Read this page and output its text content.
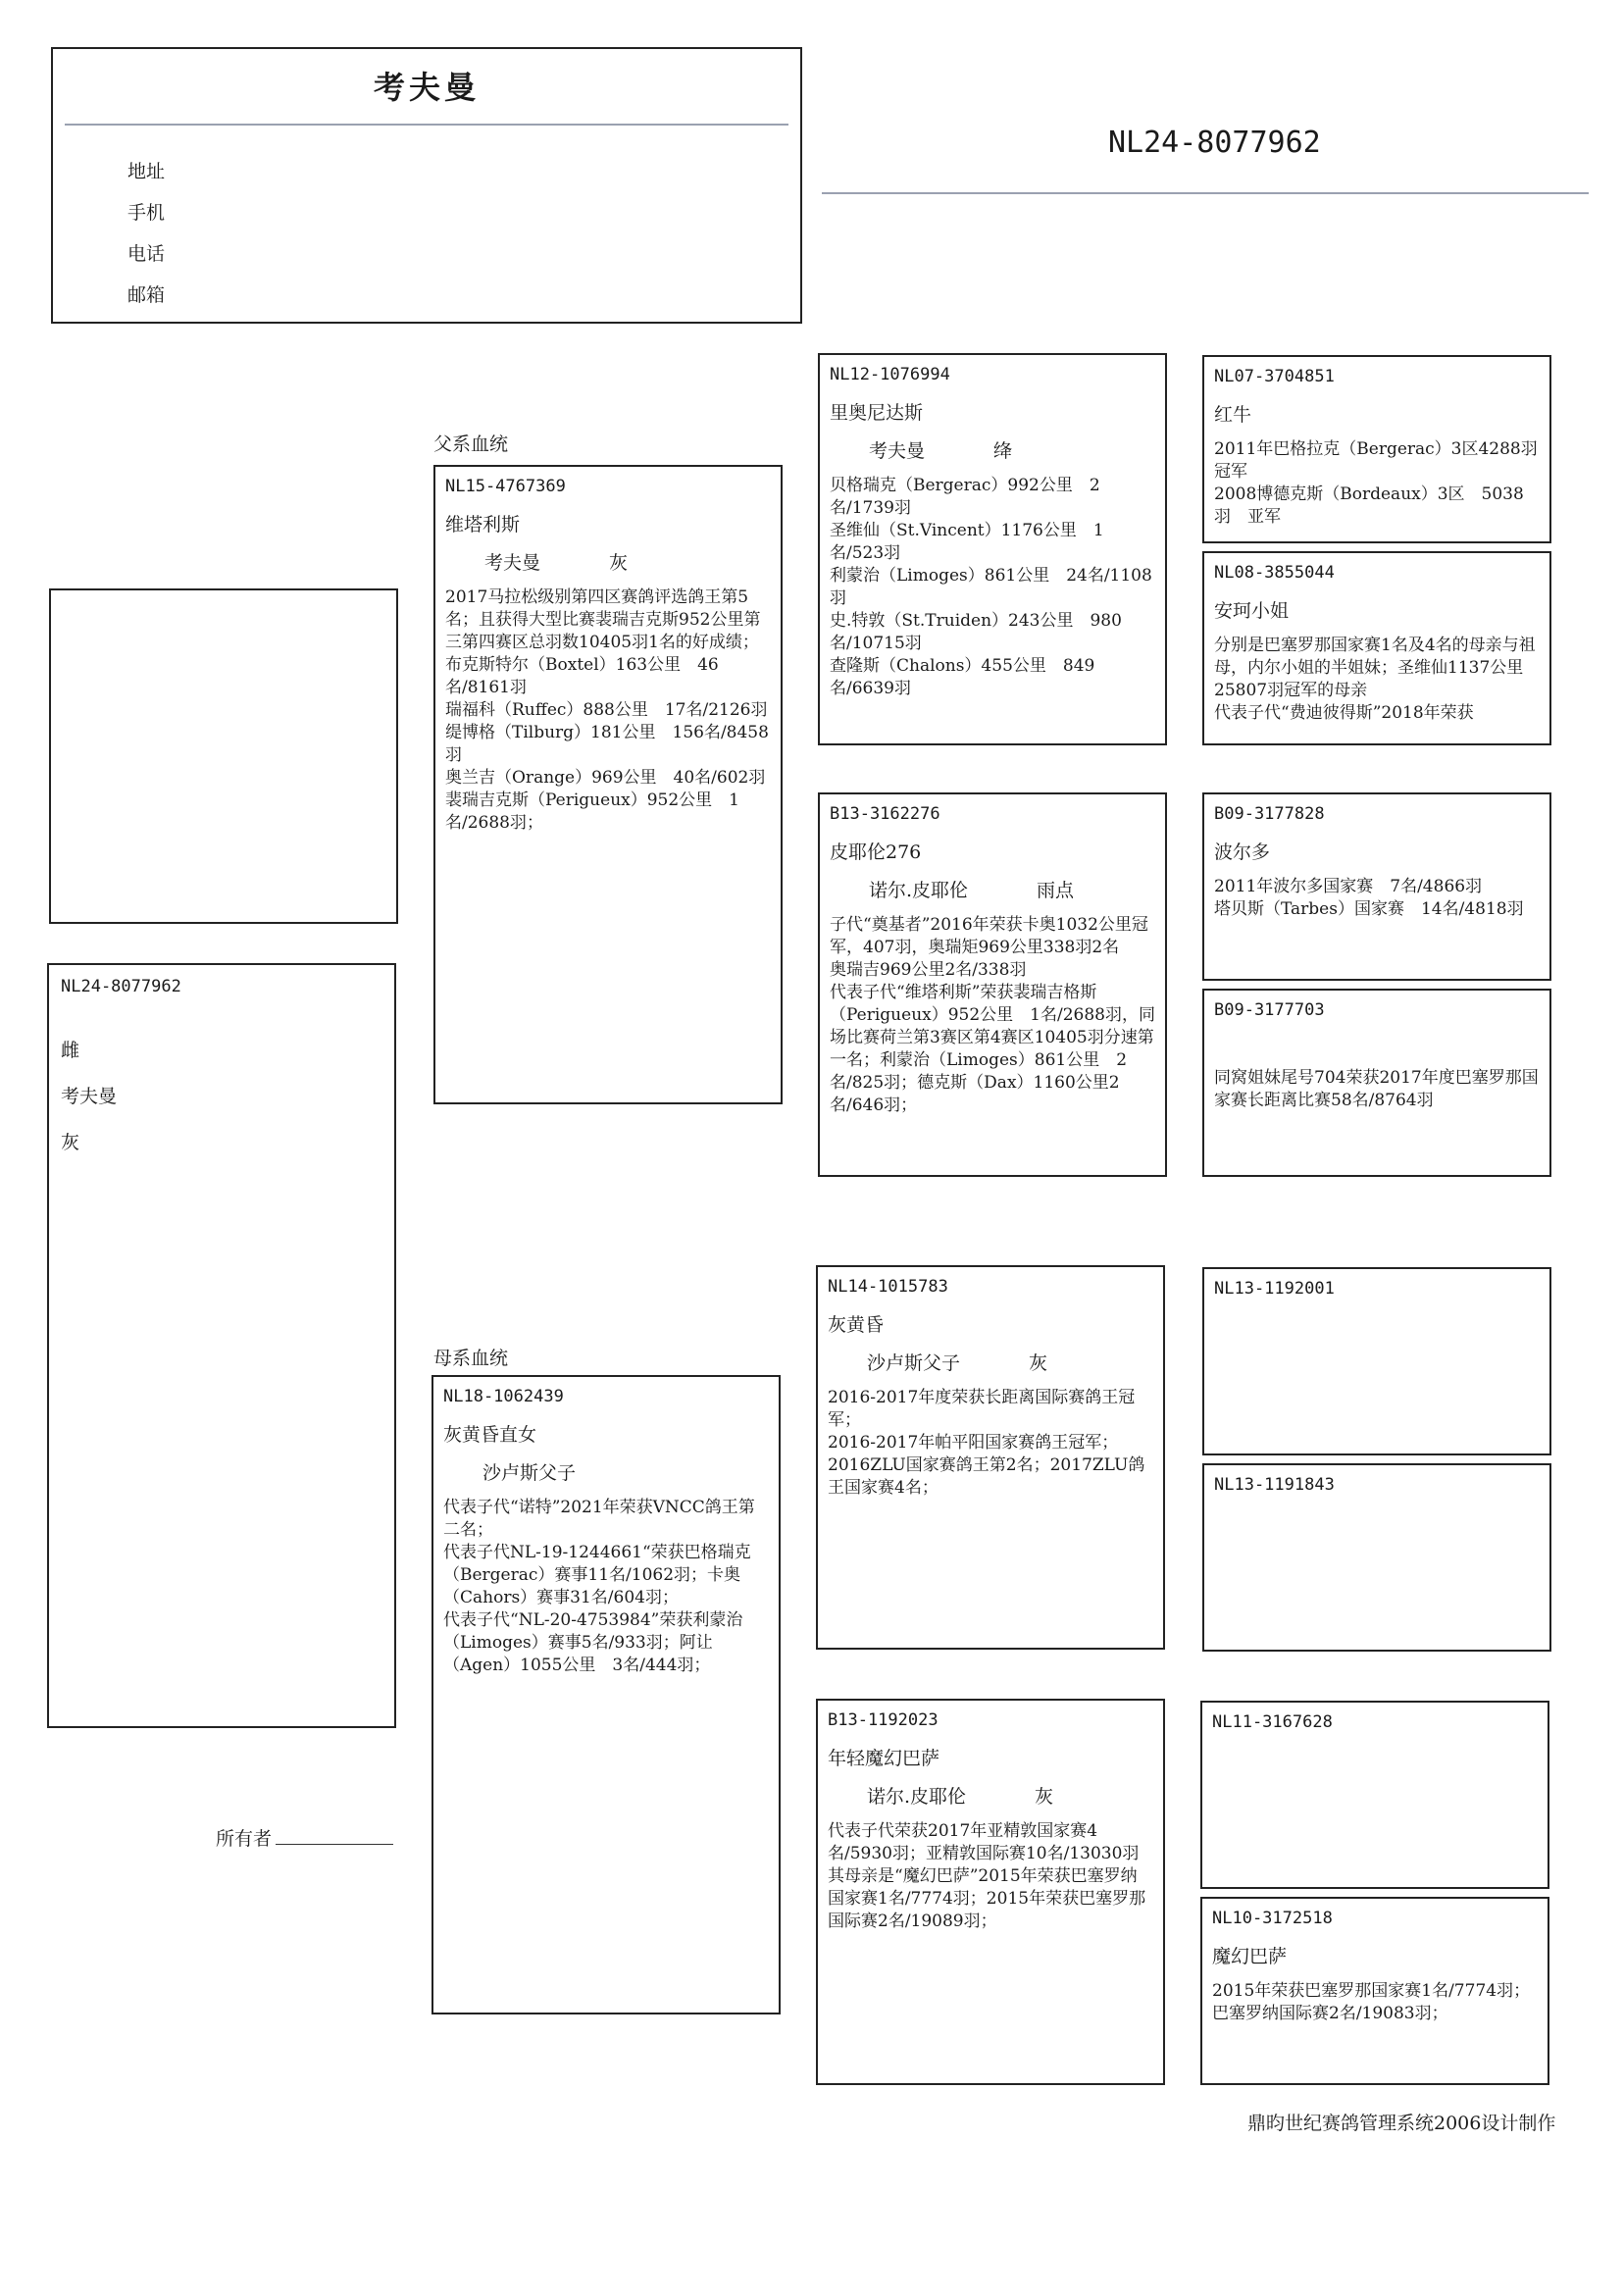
考夫曼
地址
手机
电话
邮箱
NL24-8077962
NL24-8077962
雌
考夫曼
灰
所有者
父系血统
母系血统
NL15-4767369
维塔利斯
考夫曼	灰
2017马拉松级别第四区赛鸽评选鸽王第5名；且获得大型比赛裴瑞吉克斯952公里第三第四赛区总羽数10405羽1名的好成绩；
布克斯特尔（Boxtel）163公里　46名/8161羽
瑞福科（Ruffec）888公里　17名/2126羽
缇博格（Tilburg）181公里　156名/8458羽
奥兰吉（Orange）969公里　40名/602羽
裴瑞吉克斯（Perigueux）952公里　1名/2688羽；
NL18-1062439
灰黄昏直女
沙卢斯父子
代表子代“诺特”2021年荣获VNCC鸽王第二名；
代表子代NL-19-1244661“荣获巴格瑞克（Bergerac）赛事11名/1062羽；卡奥（Cahors）赛事31名/604羽；
代表子代“NL-20-4753984”荣获利蒙治（Limoges）赛事5名/933羽；阿让（Agen）1055公里　3名/444羽；
NL12-1076994
里奥尼达斯
考夫曼	绛
贝格瑞克（Bergerac）992公里　2名/1739羽
圣维仙（St.Vincent）1176公里　1名/523羽
利蒙治（Limoges）861公里　24名/1108羽
史.特敦（St.Truiden）243公里　980名/10715羽
查隆斯（Chalons）455公里　849名/6639羽
B13-3162276
皮耶伦276
诺尔.皮耶伦	雨点
子代“奠基者”2016年荣获卡奥1032公里冠军，407羽，奥瑞矩969公里338羽2名
奥瑞吉969公里2名/338羽
代表子代“维塔利斯”荣获裴瑞吉格斯（Perigueux）952公里　1名/2688羽，同场比赛荷兰第3赛区第4赛区10405羽分速第一名；利蒙治（Limoges）861公里　2名/825羽；德克斯（Dax）1160公里2名/646羽；
NL14-1015783
灰黄昏
沙卢斯父子	灰
2016-2017年度荣获长距离国际赛鸽王冠军；
2016-2017年帕平阳国家赛鸽王冠军；2016ZLU国家赛鸽王第2名；2017ZLU鸽王国家赛4名；
B13-1192023
年轻魔幻巴萨
诺尔.皮耶伦	灰
代表子代荣获2017年亚精敦国家赛4名/5930羽；亚精敦国际赛10名/13030羽
其母亲是“魔幻巴萨”2015年荣获巴塞罗纳国家赛1名/7774羽；2015年荣获巴塞罗那国际赛2名/19089羽；
NL07-3704851
红牛
2011年巴格拉克（Bergerac）3区4288羽冠军
2008博德克斯（Bordeaux）3区　5038羽　亚军
NL08-3855044
安珂小姐
分别是巴塞罗那国家赛1名及4名的母亲与祖母，内尔小姐的半姐妹；圣维仙1137公里25807羽冠军的母亲
代表子代“费迪彼得斯”2018年荣获
B09-3177828
波尔多
2011年波尔多国家赛　7名/4866羽
塔贝斯（Tarbes）国家赛　14名/4818羽
B09-3177703
同窝姐妹尾号704荣获2017年度巴塞罗那国家赛长距离比赛58名/8764羽
NL13-1192001
NL13-1191843
NL11-3167628
NL10-3172518
魔幻巴萨
2015年荣获巴塞罗那国家赛1名/7774羽；巴塞罗纳国际赛2名/19083羽；
鼎昀世纪赛鸽管理系统2006设计制作
